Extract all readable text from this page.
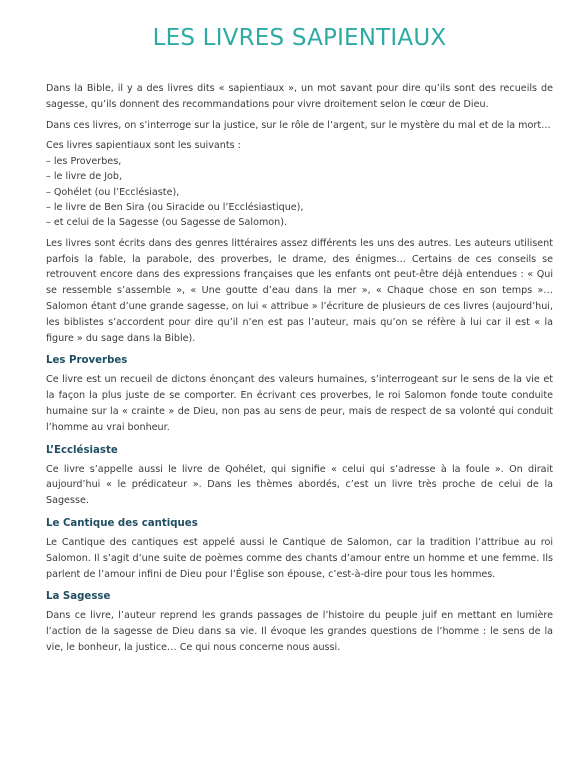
LES LIVRES SAPIENTIAUX

Dans la Bible, il y a des livres dits « sapientiaux », un mot savant pour dire qu’ils sont des recueils de sagesse, qu’ils donnent des recommandations pour vivre droitement selon le cœur de Dieu.

Dans ces livres, on s’interroge sur la justice, sur le rôle de l’argent, sur le mystère du mal et de la mort…

Ces livres sapientiaux sont les suivants :
– les Proverbes,
– le livre de Job,
– Qohélet (ou l’Ecclésiaste),
– le livre de Ben Sira (ou Siracide ou l’Ecclésiastique),
– et celui de la Sagesse (ou Sagesse de Salomon).

Les livres sont écrits dans des genres littéraires assez différents les uns des autres. Les auteurs utilisent parfois la fable, la parabole, des proverbes, le drame, des énigmes… Certains de ces conseils se retrouvent encore dans des expressions françaises que les enfants ont peut-être déjà entendues : « Qui se ressemble s’assemble », « Une goutte d’eau dans la mer », « Chaque chose en son temps »… Salomon étant d’une grande sagesse, on lui « attribue » l’écriture de plusieurs de ces livres (aujourd’hui, les biblistes s’accordent pour dire qu’il n’en est pas l’auteur, mais qu’on se réfère à lui car il est « la figure » du sage dans la Bible).

Les Proverbes

Ce livre est un recueil de dictons énonçant des valeurs humaines, s’interrogeant sur le sens de la vie et la façon la plus juste de se comporter. En écrivant ces proverbes, le roi Salomon fonde toute conduite humaine sur la « crainte » de Dieu, non pas au sens de peur, mais de respect de sa volonté qui conduit l’homme au vrai bonheur.

L’Ecclésiaste

Ce livre s’appelle aussi le livre de Qohélet, qui signifie « celui qui s’adresse à la foule ». On dirait aujourd’hui « le prédicateur ». Dans les thèmes abordés, c’est un livre très proche de celui de la Sagesse.

Le Cantique des cantiques

Le Cantique des cantiques est appelé aussi le Cantique de Salomon, car la tradition l’attribue au roi Salomon. Il s’agit d’une suite de poèmes comme des chants d’amour entre un homme et une femme. Ils parlent de l’amour infini de Dieu pour l’Église son épouse, c’est-à-dire pour tous les hommes.

La Sagesse

Dans ce livre, l’auteur reprend les grands passages de l’histoire du peuple juif en mettant en lumière l’action de la sagesse de Dieu dans sa vie. Il évoque les grandes questions de l’homme : le sens de la vie, le bonheur, la justice… Ce qui nous concerne nous aussi.
